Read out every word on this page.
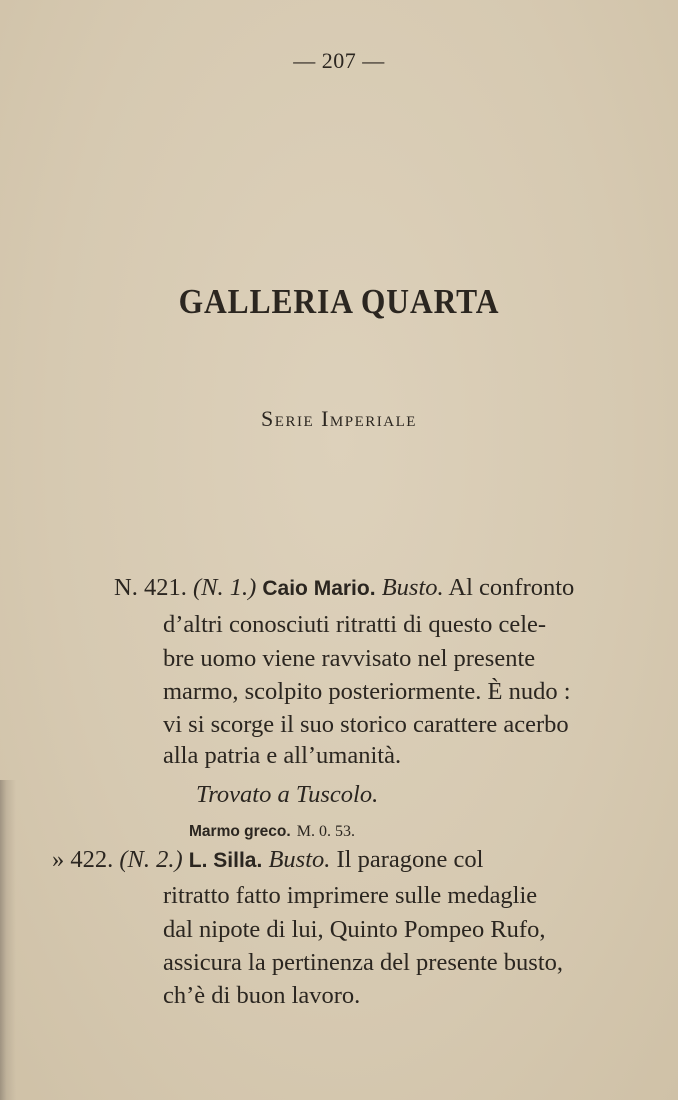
— 207 —
GALLERIA QUARTA
Serie Imperiale
N. 421. (N. 1.) Caio Mario. Busto. Al confronto
d’altri conosciuti ritratti di questo cele-
bre uomo viene ravvisato nel presente
marmo, scolpito posteriormente. È nudo :
vi si scorge il suo storico carattere acerbo
alla patria e all’umanità.
Trovato a Tuscolo.
Marmo greco. M. 0. 53.
» 422. (N. 2.) L. Silla. Busto. Il paragone col
ritratto fatto imprimere sulle medaglie
dal nipote di lui, Quinto Pompeo Rufo,
assicura la pertinenza del presente busto,
ch’è di buon lavoro.
